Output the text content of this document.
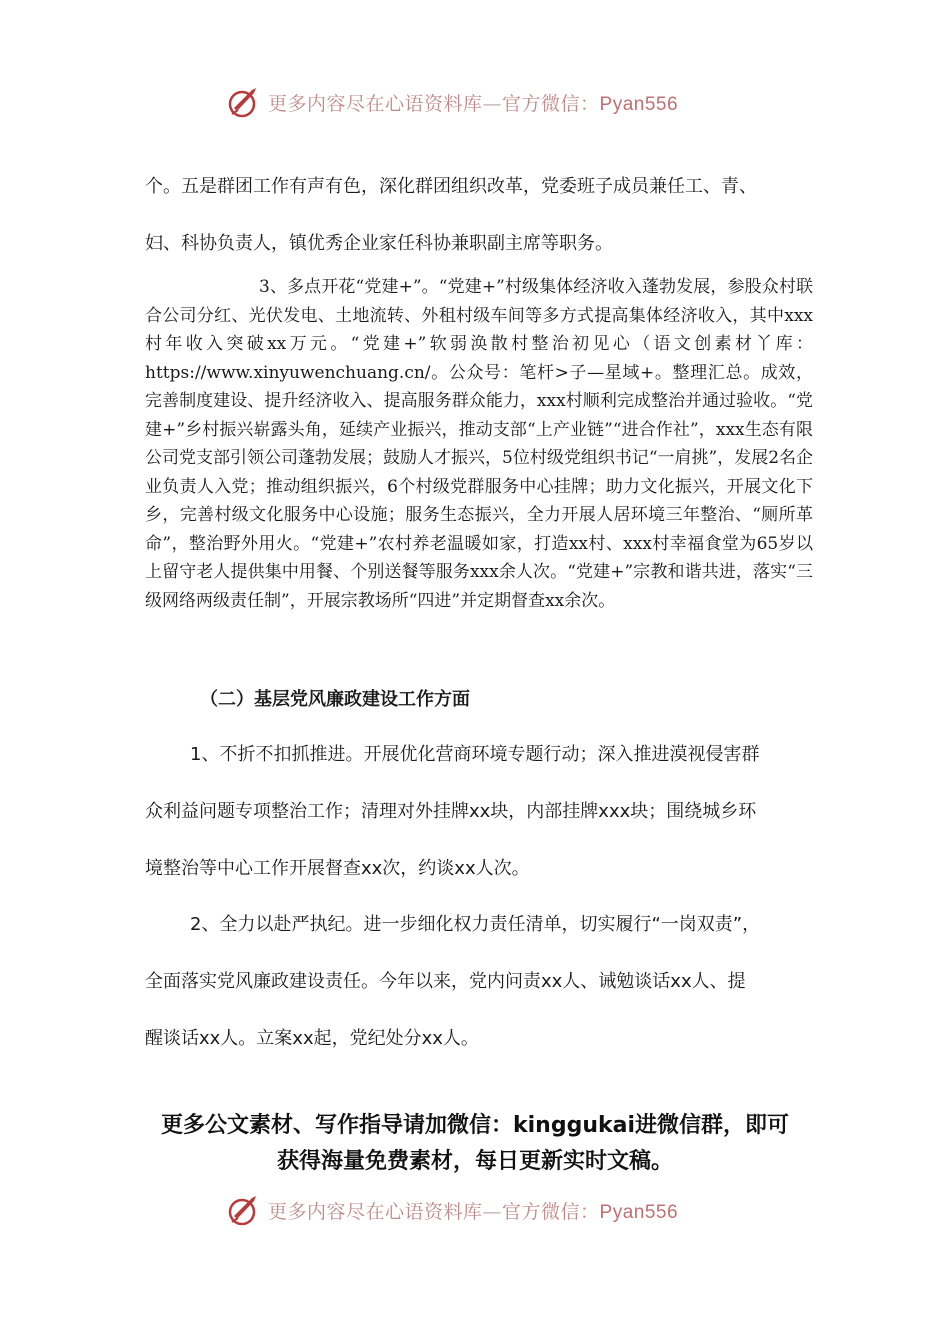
更多内容尽在心语资料库—官方微信：Pyan556

个。五是群团工作有声有色，深化群团组织改革，党委班子成员兼任工、青、

妇、科协负责人，镇优秀企业家任科协兼职副主席等职务。

3、多点开花“党建+”。“党建+”村级集体经济收入蓬勃发展，参股众村联合公司分红、光伏发电、土地流转、外租村级车间等多方式提高集体经济收入，其中xxx村年收入突破xx万元。“党建+”软弱涣散村整治初见心（语文创素材丫库：https://www.xinyuwenchuang.cn/。公众号：笔杆>子—星域+。整理汇总。成效，完善制度建设、提升经济收入、提高服务群众能力，xxx村顺利完成整治并通过验收。“党建+”乡村振兴崭露头角，延续产业振兴，推动支部“上产业链”“进合作社”，xxx生态有限公司党支部引领公司蓬勃发展；鼓励人才振兴，5位村级党组织书记“一肩挑”，发展2名企业负责人入党；推动组织振兴，6个村级党群服务中心挂牌；助力文化振兴，开展文化下乡，完善村级文化服务中心设施；服务生态振兴，全力开展人居环境三年整治、“厕所革命”，整治野外用火。“党建+”农村养老温暖如家，打造xx村、xxx村幸福食堂为65岁以上留守老人提供集中用餐、个别送餐等服务xxx余人次。“党建+”宗教和谐共进，落实“三级网络两级责任制”，开展宗教场所“四进”并定期督查xx余次。

（二）基层党风廉政建设工作方面

1、不折不扣抓推进。开展优化营商环境专题行动；深入推进漠视侵害群

众利益问题专项整治工作；清理对外挂牌xx块，内部挂牌xxx块；围绕城乡环

境整治等中心工作开展督查xx次，约谈xx人次。

2、全力以赴严执纪。进一步细化权力责任清单，切实履行“一岗双责”，

全面落实党风廉政建设责任。今年以来，党内问责xx人、诫勉谈话xx人、提

醒谈话xx人。立案xx起，党纪处分xx人。

更多公文素材、写作指导请加微信：kinggukai进微信群，即可
获得海量免费素材，每日更新实时文稿。
更多内容尽在心语资料库—官方微信：Pyan556
